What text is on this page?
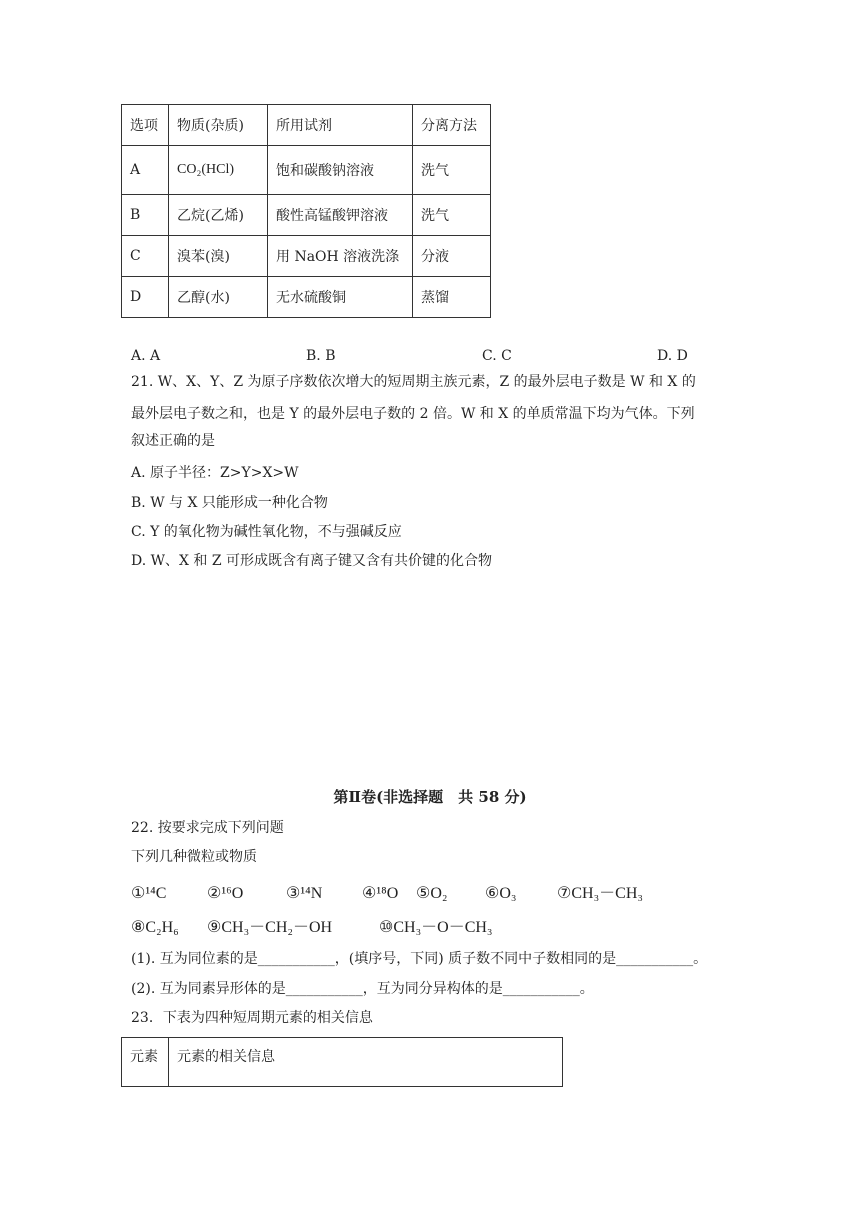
选项	物质(杂质)	所用试剂	分离方法
A	CO₂(HCl)	饱和碳酸钠溶液	洗气
B	乙烷(乙烯)	酸性高锰酸钾溶液	洗气
C	溴苯(溴)	用 NaOH 溶液洗涤	分液
D	乙醇(水)	无水硫酸铜	蒸馏
A. A	B. B	C. C	D. D
21. W、X、Y、Z 为原子序数依次增大的短周期主族元素，Z 的最外层电子数是 W 和 X 的
最外层电子数之和，也是 Y 的最外层电子数的 2 倍。W 和 X 的单质常温下均为气体。下列
叙述正确的是
A. 原子半径：Z>Y>X>W
B. W 与 X 只能形成一种化合物
C. Y 的氧化物为碱性氧化物，不与强碱反应
D. W、X 和 Z 可形成既含有离子键又含有共价键的化合物
第Ⅱ卷(非选择题　共 58 分)
22. 按要求完成下列问题
下列几种微粒或物质
①¹⁴C	②¹⁶O	③¹⁴N ④¹⁸O ⑤O₂ ⑥O₃	⑦CH₃－CH₃
⑧C₂H₆ ⑨CH₃－CH₂－OH	⑩CH₃－O－CH₃
(1). 互为同位素的是___________，(填序号，下同) 质子数不同中子数相同的是___________。
(2). 互为同素异形体的是___________，互为同分异构体的是___________。
23．下表为四种短周期元素的相关信息
元素	元素的相关信息
